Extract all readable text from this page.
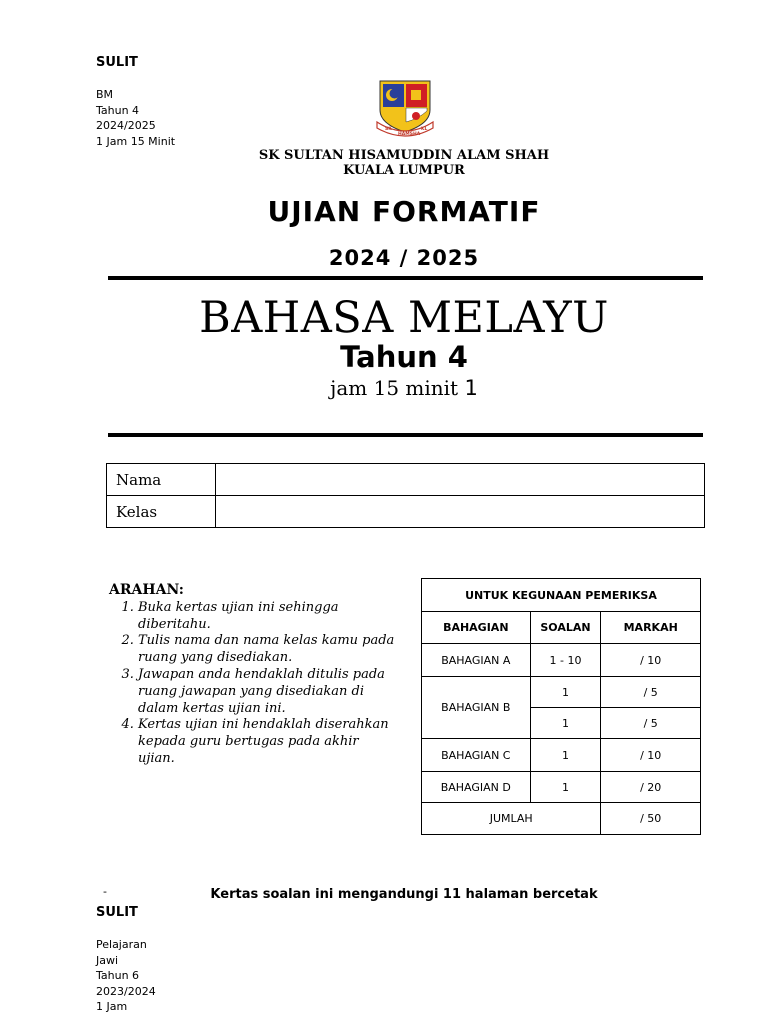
SULIT
BM
Tahun 4
2024/2025
1 Jam 15 Minit
SK
HAMSHA
KL
SK SULTAN HISAMUDDIN ALAM SHAH
KUALA LUMPUR
UJIAN FORMATIF
2024 / 2025
BAHASA MELAYU
Tahun 4
jam 15 minit 1
Nama	
Kelas	
ARAHAN:
1. Buka kertas ujian ini sehingga diberitahu.
2. Tulis nama dan nama kelas kamu pada ruang yang disediakan.
3. Jawapan anda hendaklah ditulis pada ruang jawapan yang disediakan di dalam kertas ujian ini.
4. Kertas ujian ini hendaklah diserahkan kepada guru bertugas pada akhir ujian.
UNTUK KEGUNAAN PEMERIKSA		
BAHAGIAN	SOALAN	MARKAH
BAHAGIAN A	1 - 10	/ 10
BAHAGIAN B	1	/ 5
	1	/ 5
BAHAGIAN C	1	/ 10
BAHAGIAN D	1	/ 20
JUMLAH		/ 50
-	Kertas soalan ini mengandungi 11 halaman bercetak
SULIT
Pelajaran
Jawi
Tahun 6
2023/2024
1 Jam
